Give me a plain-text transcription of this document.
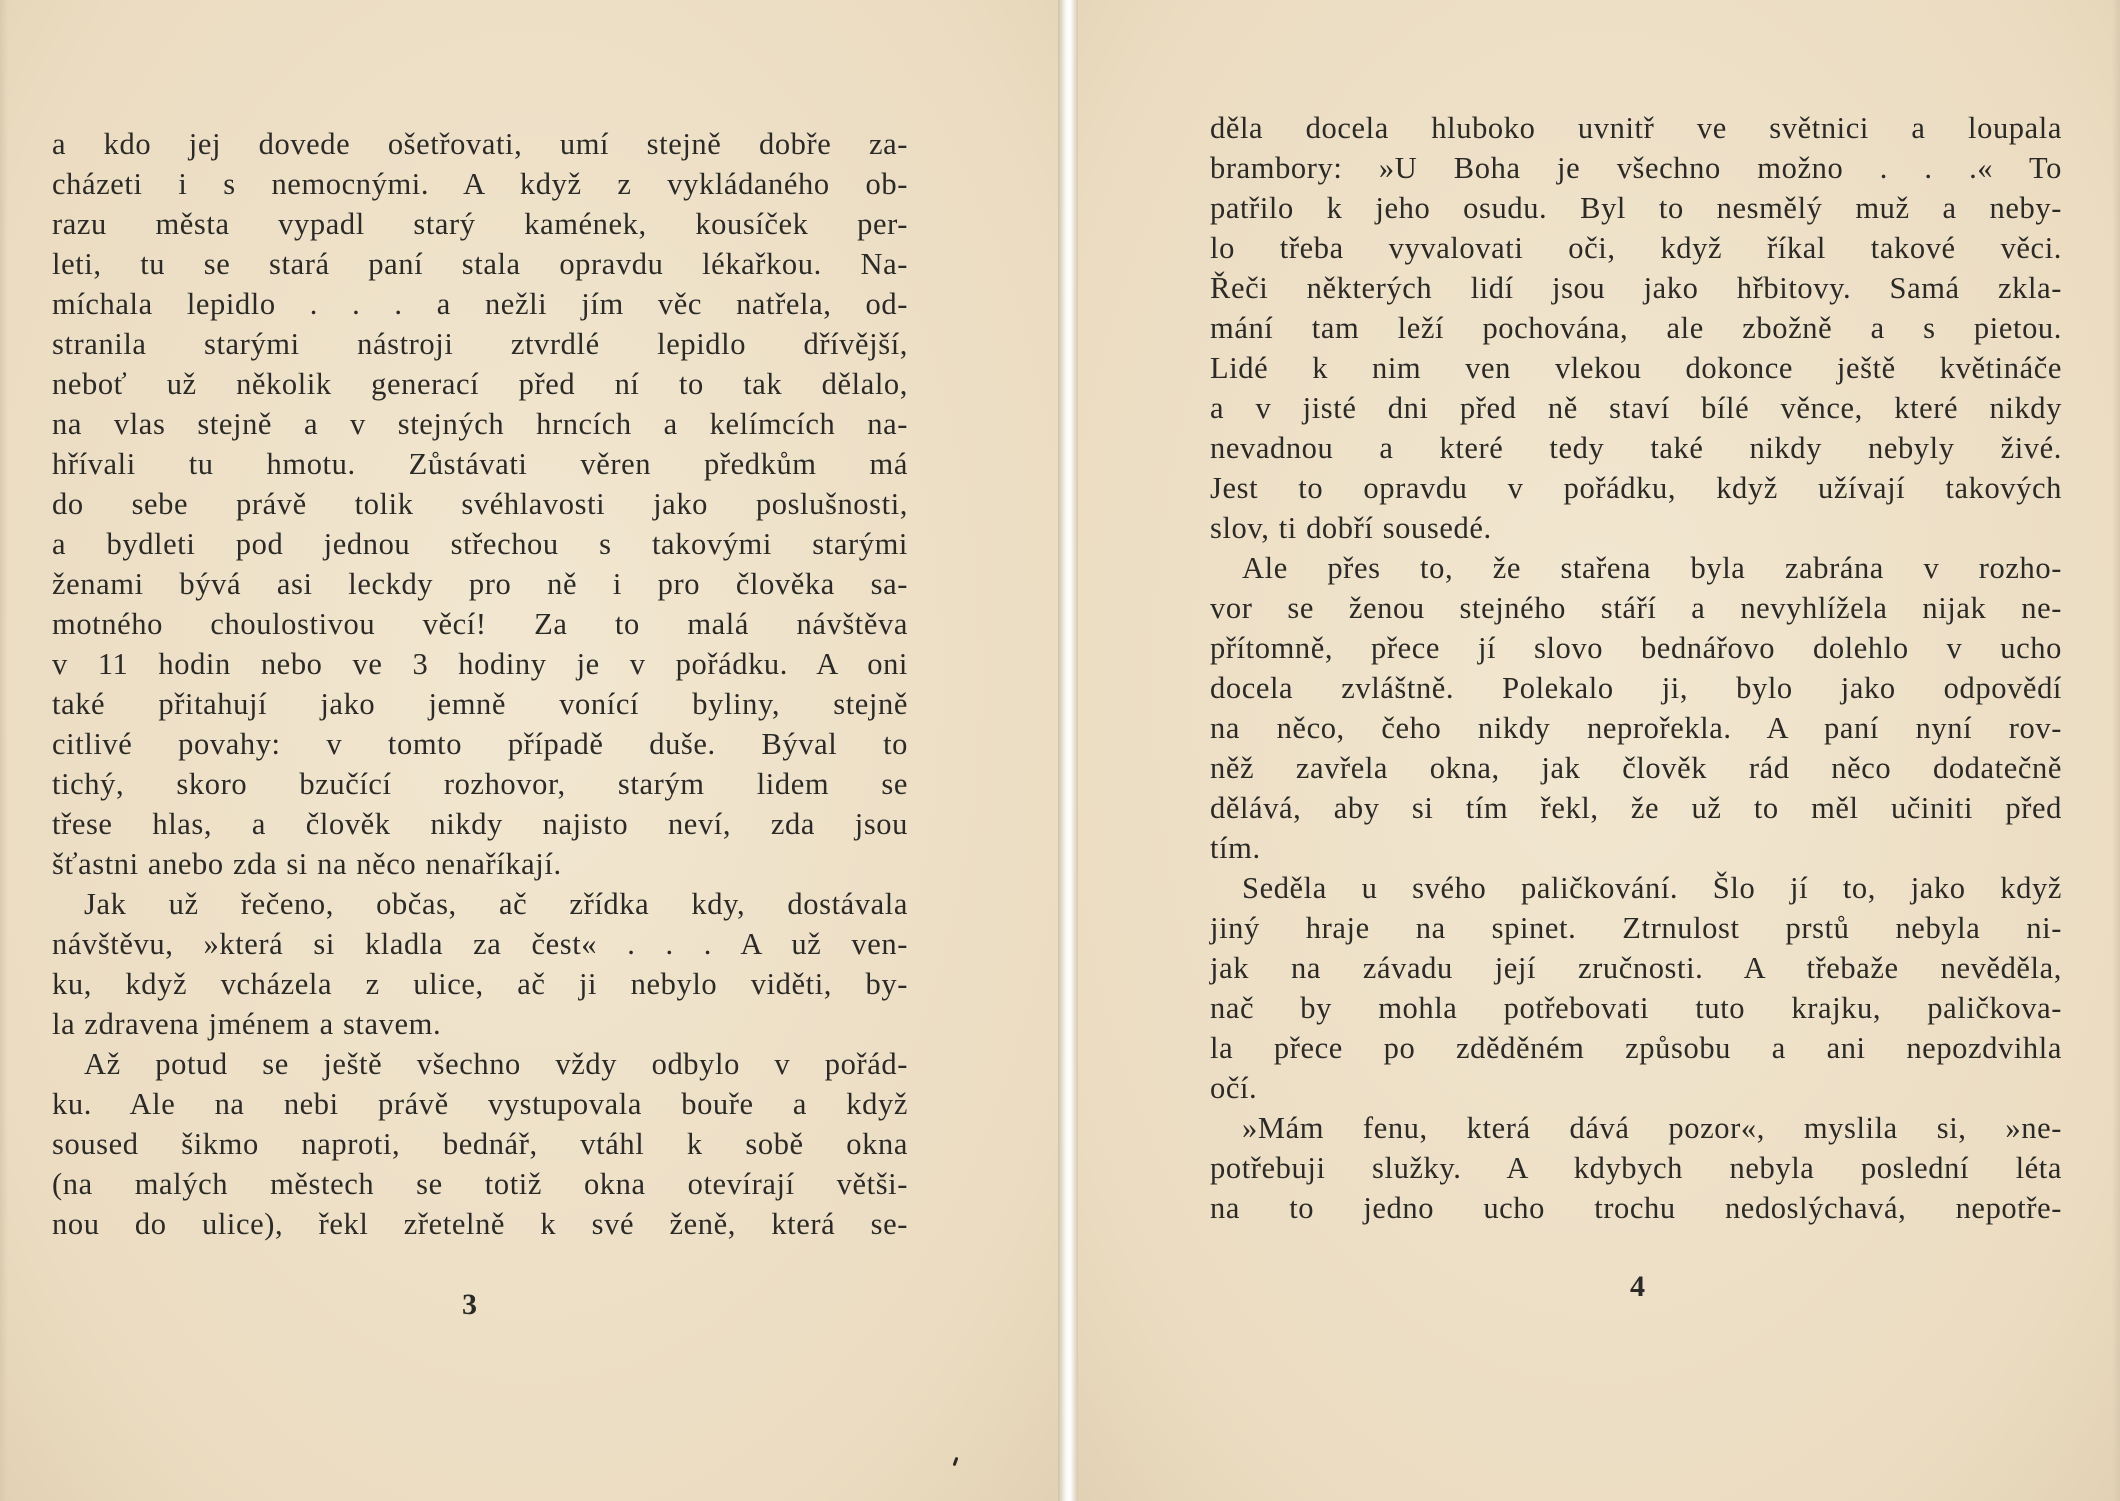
a kdo jej dovede ošetřovati, umí stejně dobře za-
cházeti i s nemocnými. A když z vykládaného ob-
razu města vypadl starý kamének, kousíček per-
leti, tu se stará paní stala opravdu lékařkou. Na-
míchala lepidlo . . . a nežli jím věc natřela, od-
stranila starými nástroji ztvrdlé lepidlo dřívější,
neboť už několik generací před ní to tak dělalo,
na vlas stejně a v stejných hrncích a kelímcích na-
hřívali tu hmotu. Zůstávati věren předkům má
do sebe právě tolik svéhlavosti jako poslušnosti,
a bydleti pod jednou střechou s takovými starými
ženami bývá asi leckdy pro ně i pro člověka sa-
motného choulostivou věcí! Za to malá návštěva
v 11 hodin nebo ve 3 hodiny je v pořádku. A oni
také přitahují jako jemně vonící byliny, stejně
citlivé povahy: v tomto případě duše. Býval to
tichý, skoro bzučící rozhovor, starým lidem se
třese hlas, a člověk nikdy najisto neví, zda jsou
šťastni anebo zda si na něco nenaříkají.
Jak už řečeno, občas, ač zřídka kdy, dostávala
návštěvu, »která si kladla za čest« . . . A už ven-
ku, když vcházela z ulice, ač ji nebylo viděti, by-
la zdravena jménem a stavem.
Až potud se ještě všechno vždy odbylo v pořád-
ku. Ale na nebi právě vystupovala bouře a když
soused šikmo naproti, bednář, vtáhl k sobě okna
(na malých městech se totiž okna otevírají větši-
nou do ulice), řekl zřetelně k své ženě, která se-
3
děla docela hluboko uvnitř ve světnici a loupala
brambory: »U Boha je všechno možno . . .« To
patřilo k jeho osudu. Byl to nesmělý muž a neby-
lo třeba vyvalovati oči, když říkal takové věci.
Řeči některých lidí jsou jako hřbitovy. Samá zkla-
mání tam leží pochována, ale zbožně a s pietou.
Lidé k nim ven vlekou dokonce ještě květináče
a v jisté dni před ně staví bílé věnce, které nikdy
nevadnou a které tedy také nikdy nebyly živé.
Jest to opravdu v pořádku, když užívají takových
slov, ti dobří sousedé.
Ale přes to, že stařena byla zabrána v rozho-
vor se ženou stejného stáří a nevyhlížela nijak ne-
přítomně, přece jí slovo bednářovo dolehlo v ucho
docela zvláštně. Polekalo ji, bylo jako odpovědí
na něco, čeho nikdy neprořekla. A paní nyní rov-
něž zavřela okna, jak člověk rád něco dodatečně
dělává, aby si tím řekl, že už to měl učiniti před
tím.
Seděla u svého paličkování. Šlo jí to, jako když
jiný hraje na spinet. Ztrnulost prstů nebyla ni-
jak na závadu její zručnosti. A třebaže nevěděla,
nač by mohla potřebovati tuto krajku, paličkova-
la přece po zděděném způsobu a ani nepozdvihla
očí.
»Mám fenu, která dává pozor«, myslila si, »ne-
potřebuji služky. A kdybych nebyla poslední léta
na to jedno ucho trochu nedoslýchavá, nepotře-
4
